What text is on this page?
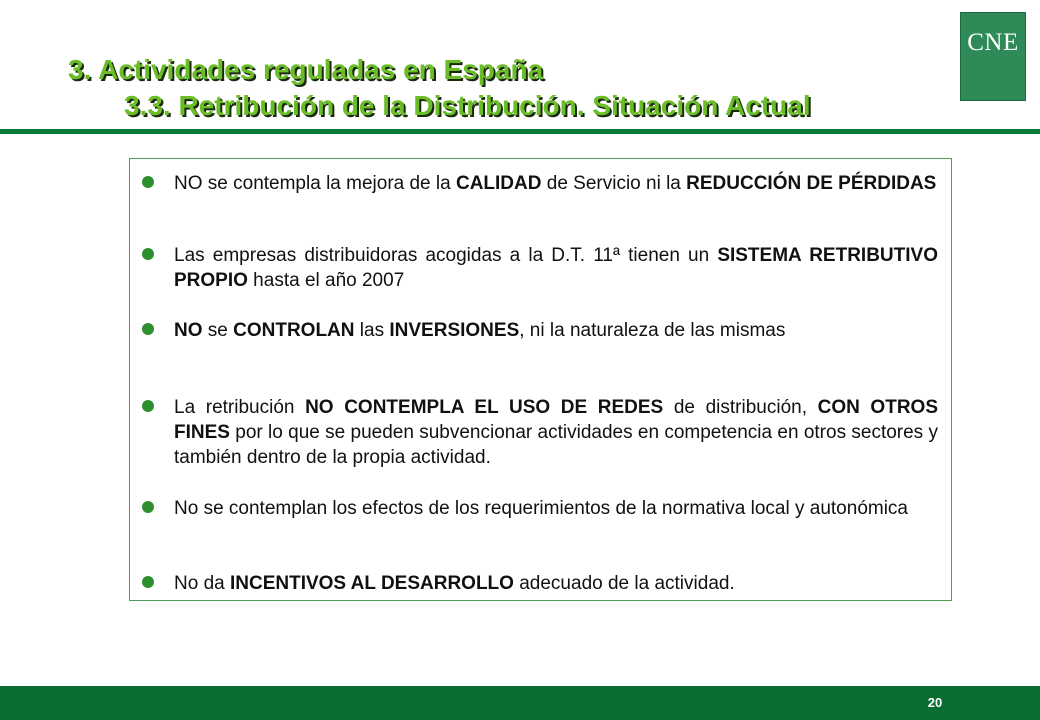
3. Actividades reguladas en España
3.3. Retribución de la Distribución. Situación Actual
CNE

NO se contempla la mejora de la CALIDAD de Servicio ni la REDUCCIÓN DE PÉRDIDAS

Las empresas distribuidoras acogidas a la D.T. 11ª tienen un SISTEMA RETRIBUTIVO PROPIO hasta el año 2007

NO se CONTROLAN las INVERSIONES, ni la naturaleza de las mismas

La retribución NO CONTEMPLA EL USO DE REDES de distribución, CON OTROS FINES por lo que se pueden subvencionar actividades en competencia en otros sectores y también dentro de la propia actividad.

No se contemplan los efectos de los requerimientos de la normativa local y autonómica

No da INCENTIVOS AL DESARROLLO adecuado de la actividad.

20
